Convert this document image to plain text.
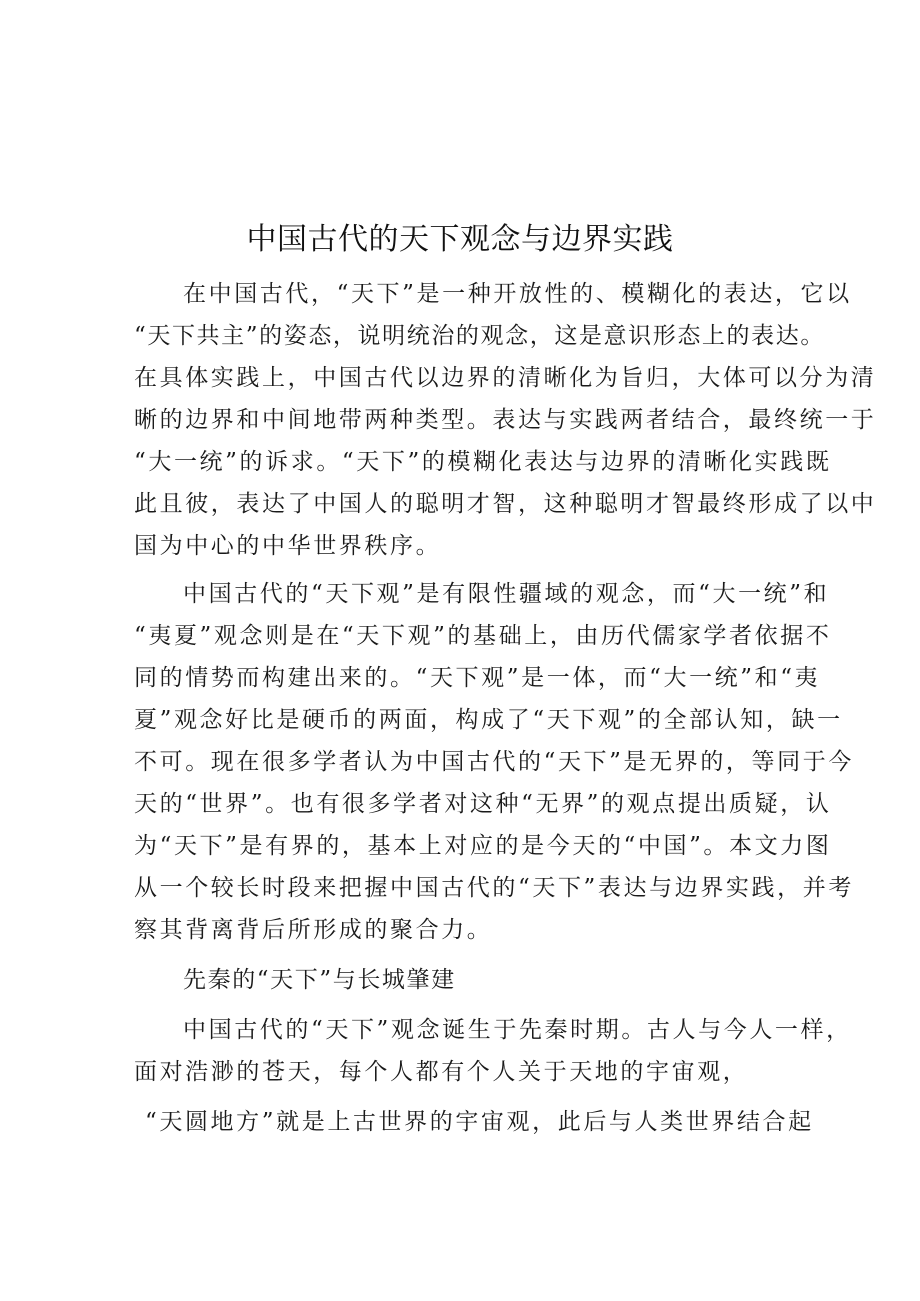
中国古代的天下观念与边界实践
在中国古代，“天下”是一种开放性的、模糊化的表达，它以
“天下共主”的姿态，说明统治的观念，这是意识形态上的表达。
在具体实践上，中国古代以边界的清晰化为旨归，大体可以分为清
晰的边界和中间地带两种类型。表达与实践两者结合，最终统一于
“大一统”的诉求。“天下”的模糊化表达与边界的清晰化实践既
此且彼，表达了中国人的聪明才智，这种聪明才智最终形成了以中
国为中心的中华世界秩序。
中国古代的“天下观”是有限性疆域的观念，而“大一统”和
“夷夏”观念则是在“天下观”的基础上，由历代儒家学者依据不
同的情势而构建出来的。“天下观”是一体，而“大一统”和“夷
夏”观念好比是硬币的两面，构成了“天下观”的全部认知，缺一
不可。现在很多学者认为中国古代的“天下”是无界的，等同于今
天的“世界”。也有很多学者对这种“无界”的观点提出质疑，认
为“天下”是有界的，基本上对应的是今天的“中国”。本文力图
从一个较长时段来把握中国古代的“天下”表达与边界实践，并考
察其背离背后所形成的聚合力。
先秦的“天下”与长城肇建
中国古代的“天下”观念诞生于先秦时期。古人与今人一样，
面对浩渺的苍天，每个人都有个人关于天地的宇宙观，
“天圆地方”就是上古世界的宇宙观，此后与人类世界结合起
